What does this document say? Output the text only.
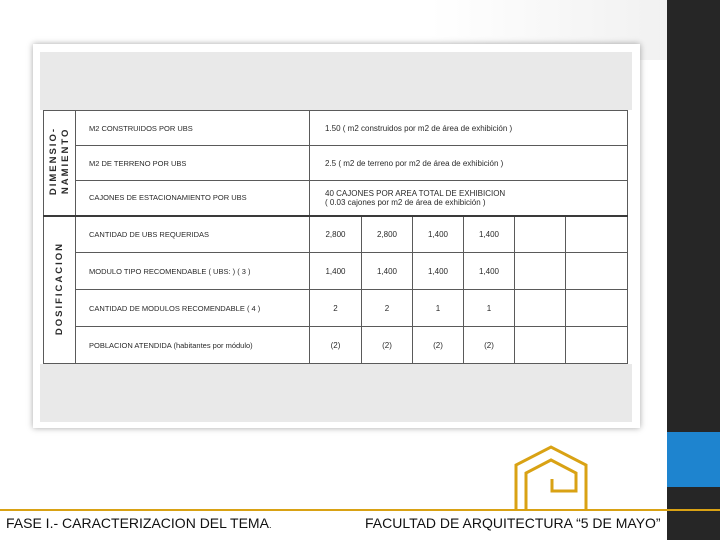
DIMENSIO-
NAMIENTO	M2 CONSTRUIDOS POR UBS	1.50 ( m2 construidos por m2 de área de exhibición )					
	M2 DE TERRENO POR UBS	2.5 ( m2 de terreno por m2 de área de exhibición )					
	CAJONES DE ESTACIONAMIENTO POR UBS	40 CAJONES POR AREA TOTAL DE EXHIBICION
( 0.03 cajones por m2 de área de exhibición )					

DOSIFICACION	CANTIDAD DE UBS REQUERIDAS	2,800	2,800	1,400	1,400		
	MODULO TIPO RECOMENDABLE ( UBS: ) ( 3 )	1,400	1,400	1,400	1,400		
	CANTIDAD DE MODULOS RECOMENDABLE ( 4 )	2	2	1	1		
	POBLACION ATENDIDA (habitantes por módulo)	(2)	(2)	(2)	(2)		
FASE I.- CARACTERIZACION DEL TEMA.	FACULTAD DE ARQUITECTURA “5 DE MAYO”
